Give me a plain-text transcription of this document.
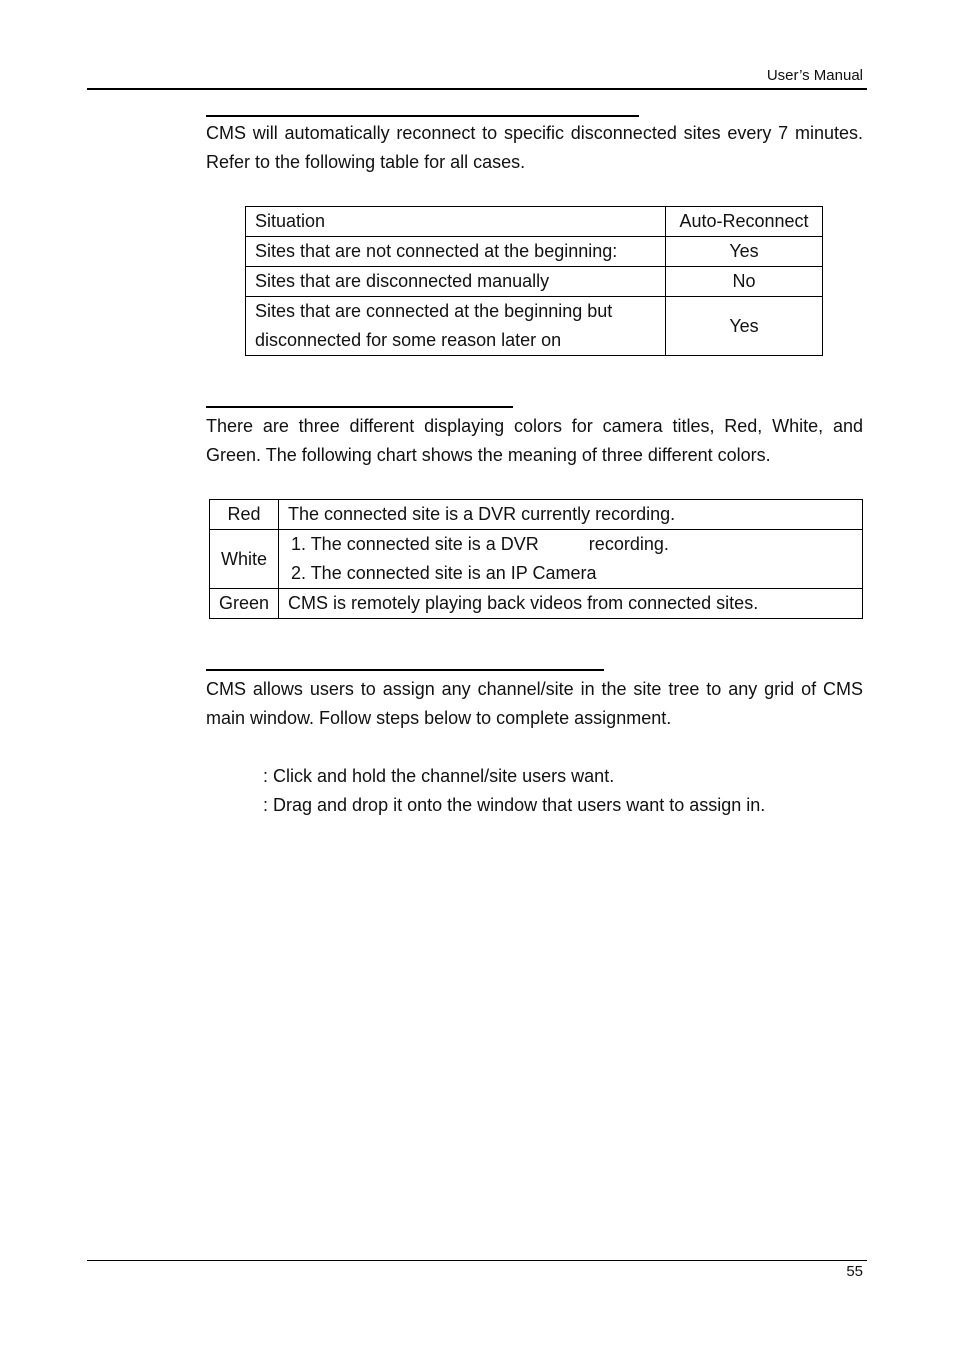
User’s Manual

CMS will automatically reconnect to specific disconnected sites every 7 minutes. Refer to the following table for all cases.

Situation	Auto-Reconnect
Sites that are not connected at the beginning:	Yes
Sites that are disconnected manually	No

Sites that are connected at the beginning but
disconnected for some reason later on	Yes

There are three different displaying colors for camera titles, Red, White, and Green. The following chart shows the meaning of three different colors.

Red	The connected site is a DVR currently recording.
White	1. The connected site is a DVR          recording.
2. The connected site is an IP Camera

Green	CMS is remotely playing back videos from connected sites.

CMS allows users to assign any channel/site in the site tree to any grid of CMS main window. Follow steps below to complete assignment.

: Click and hold the channel/site users want.
: Drag and drop it onto the window that users want to assign in.
55
